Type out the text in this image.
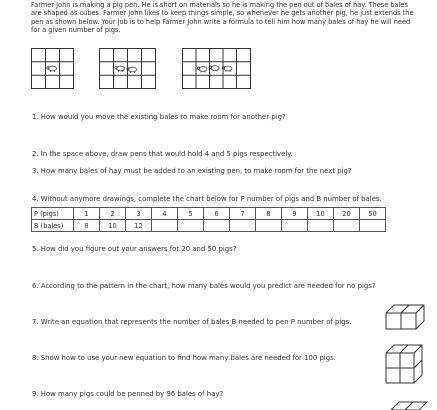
Farmer John is making a pig pen. He is short on materials so he is making the pen out of bales of hay. These bales
are shaped as cubes. Farmer John likes to keep things simple, so whenever he gets another pig, he just extends the
pen as shown below. Your job is to help Farmer John write a formula to tell him how many bales of hay he will need
for a given number of pigs.
1. How would you move the existing bales to make room for another pig?
2. In the space above, draw pens that would hold 4 and 5 pigs respectively.
3. How many bales of hay must be added to an existing pen, to make room for the next pig?
4. Without anymore drawings, complete the chart below for P number of pigs and B number of bales.
P (pigs)	1	2	3	4	5	6	7	8	9	10	20	50
B (bales)	8	10	12									
5. How did you figure out your answers for 20 and 50 pigs?
6. According to the pattern in the chart, how many bales would you predict are needed for no pigs?
7. Write an equation that represents the number of bales B needed to pen P number of pigs.
8. Show how to use your new equation to find how many bales are needed for 100 pigs.
9. How many pigs could be penned by 96 bales of hay?
